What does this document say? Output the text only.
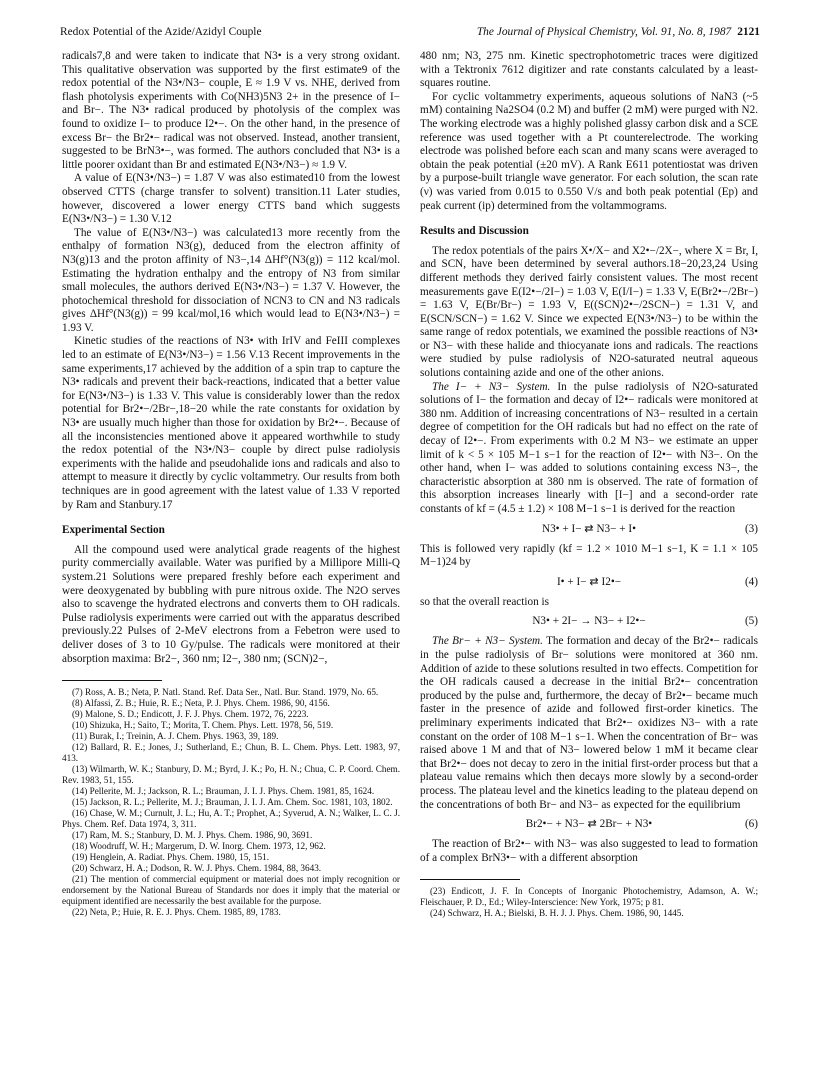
Redox Potential of the Azide/Azidyl Couple	The Journal of Physical Chemistry, Vol. 91, No. 8, 1987 2121

radicals7,8 and were taken to indicate that N3• is a very strong oxidant. This qualitative observation was supported by the first estimate9 of the redox potential of the N3•/N3− couple, E ≈ 1.9 V vs. NHE, derived from flash photolysis experiments with Co(NH3)5N3 2+ in the presence of I− and Br−. The N3• radical produced by photolysis of the complex was found to oxidize I− to produce I2•−. On the other hand, in the presence of excess Br− the Br2•− radical was not observed. Instead, another transient, suggested to be BrN3•−, was formed. The authors concluded that N3• is a little poorer oxidant than Br and estimated E(N3•/N3−) ≈ 1.9 V.

A value of E(N3•/N3−) = 1.87 V was also estimated10 from the lowest observed CTTS (charge transfer to solvent) transition.11 Later studies, however, discovered a lower energy CTTS band which suggests E(N3•/N3−) = 1.30 V.12

The value of E(N3•/N3−) was calculated13 more recently from the enthalpy of formation N3(g), deduced from the electron affinity of N3(g)13 and the proton affinity of N3−,14 ΔHf°(N3(g)) = 112 kcal/mol. Estimating the hydration enthalpy and the entropy of N3 from similar small molecules, the authors derived E(N3•/N3−) = 1.37 V. However, the photochemical threshold for dissociation of NCN3 to CN and N3 radicals gives ΔHf°(N3(g)) = 99 kcal/mol,16 which would lead to E(N3•/N3−) = 1.93 V.

Kinetic studies of the reactions of N3• with IrIV and FeIII complexes led to an estimate of E(N3•/N3−) = 1.56 V.13 Recent improvements in the same experiments,17 achieved by the addition of a spin trap to capture the N3• radicals and prevent their back-reactions, indicated that a better value for E(N3•/N3−) is 1.33 V. This value is considerably lower than the redox potential for Br2•−/2Br−,18−20 while the rate constants for oxidation by N3• are usually much higher than those for oxidation by Br2•−. Because of all the inconsistencies mentioned above it appeared worthwhile to study the redox potential of the N3•/N3− couple by direct pulse radiolysis experiments with the halide and pseudohalide ions and radicals and also to attempt to measure it directly by cyclic voltammetry. Our results from both techniques are in good agreement with the latest value of 1.33 V reported by Ram and Stanbury.17

Experimental Section

All the compound used were analytical grade reagents of the highest purity commercially available. Water was purified by a Millipore Milli-Q system.21 Solutions were prepared freshly before each experiment and were deoxygenated by bubbling with pure nitrous oxide. The N2O serves also to scavenge the hydrated electrons and converts them to OH radicals. Pulse radiolysis experiments were carried out with the apparatus described previously.22 Pulses of 2-MeV electrons from a Febetron were used to deliver doses of 3 to 10 Gy/pulse. The radicals were monitored at their absorption maxima: Br2−, 360 nm; I2−, 380 nm; (SCN)2−,

(7) Ross, A. B.; Neta, P. Natl. Stand. Ref. Data Ser., Natl. Bur. Stand. 1979, No. 65.

(8) Alfassi, Z. B.; Huie, R. E.; Neta, P. J. Phys. Chem. 1986, 90, 4156.

(9) Malone, S. D.; Endicott, J. F. J. Phys. Chem. 1972, 76, 2223.

(10) Shizuka, H.; Saito, T.; Morita, T. Chem. Phys. Lett. 1978, 56, 519.

(11) Burak, I.; Treinin, A. J. Chem. Phys. 1963, 39, 189.

(12) Ballard, R. E.; Jones, J.; Sutherland, E.; Chun, B. L. Chem. Phys. Lett. 1983, 97, 413.

(13) Wilmarth, W. K.; Stanbury, D. M.; Byrd, J. K.; Po, H. N.; Chua, C. P. Coord. Chem. Rev. 1983, 51, 155.

(14) Pellerite, M. J.; Jackson, R. L.; Brauman, J. I. J. Phys. Chem. 1981, 85, 1624.

(15) Jackson, R. L.; Pellerite, M. J.; Brauman, J. I. J. Am. Chem. Soc. 1981, 103, 1802.

(16) Chase, W. M.; Curnult, J. L.; Hu, A. T.; Prophet, A.; Syverud, A. N.; Walker, L. C. J. Phys. Chem. Ref. Data 1974, 3, 311.

(17) Ram, M. S.; Stanbury, D. M. J. Phys. Chem. 1986, 90, 3691.

(18) Woodruff, W. H.; Margerum, D. W. Inorg. Chem. 1973, 12, 962.

(19) Henglein, A. Radiat. Phys. Chem. 1980, 15, 151.

(20) Schwarz, H. A.; Dodson, R. W. J. Phys. Chem. 1984, 88, 3643.

(21) The mention of commercial equipment or material does not imply recognition or endorsement by the National Bureau of Standards nor does it imply that the material or equipment identified are necessarily the best available for the purpose.

(22) Neta, P.; Huie, R. E. J. Phys. Chem. 1985, 89, 1783.

480 nm; N3, 275 nm. Kinetic spectrophotometric traces were digitized with a Tektronix 7612 digitizer and rate constants calculated by a least-squares routine.

For cyclic voltammetry experiments, aqueous solutions of NaN3 (~5 mM) containing Na2SO4 (0.2 M) and buffer (2 mM) were purged with N2. The working electrode was a highly polished glassy carbon disk and a SCE reference was used together with a Pt counterelectrode. The working electrode was polished before each scan and many scans were averaged to obtain the peak potential (±20 mV). A Rank E611 potentiostat was driven by a purpose-built triangle wave generator. For each solution, the scan rate (ν) was varied from 0.015 to 0.550 V/s and both peak potential (Ep) and peak current (ip) determined from the voltammograms.

Results and Discussion

The redox potentials of the pairs X•/X− and X2•−/2X−, where X = Br, I, and SCN, have been determined by several authors.18−20,23,24 Using different methods they derived fairly consistent values. The most recent measurements gave E(I2•−/2I−) = 1.03 V, E(I/I−) = 1.33 V, E(Br2•−/2Br−) = 1.63 V, E(Br/Br−) = 1.93 V, E((SCN)2•−/2SCN−) = 1.31 V, and E(SCN/SCN−) = 1.62 V. Since we expected E(N3•/N3−) to be within the same range of redox potentials, we examined the possible reactions of N3• or N3− with these halide and thiocyanate ions and radicals. The reactions were studied by pulse radiolysis of N2O-saturated neutral aqueous solutions containing azide and one of the other anions.

The I− + N3− System. In the pulse radiolysis of N2O-saturated solutions of I− the formation and decay of I2•− radicals were monitored at 380 nm. Addition of increasing concentrations of N3− resulted in a certain degree of competition for the OH radicals but had no effect on the rate of decay of I2•−. From experiments with 0.2 M N3− we estimate an upper limit of k < 5 × 105 M−1 s−1 for the reaction of I2•− with N3−. On the other hand, when I− was added to solutions containing excess N3−, the characteristic absorption at 380 nm is observed. The rate of formation of this absorption increases linearly with [I−] and a second-order rate constants of kf = (4.5 ± 1.2) × 108 M−1 s−1 is derived for the reaction

N3• + I− ⇄ N3− + I•	(3)

This is followed very rapidly (kf = 1.2 × 1010 M−1 s−1, K = 1.1 × 105 M−1)24 by

I• + I− ⇄ I2•−	(4)

so that the overall reaction is

N3• + 2I− → N3− + I2•−	(5)

The Br− + N3− System. The formation and decay of the Br2•− radicals in the pulse radiolysis of Br− solutions were monitored at 360 nm. Addition of azide to these solutions resulted in two effects. Competition for the OH radicals caused a decrease in the initial Br2•− concentration produced by the pulse and, furthermore, the decay of Br2•− became much faster in the presence of azide and followed first-order kinetics. The preliminary experiments indicated that Br2•− oxidizes N3− with a rate constant on the order of 108 M−1 s−1. When the concentration of Br− was raised above 1 M and that of N3− lowered below 1 mM it became clear that Br2•− does not decay to zero in the initial first-order process but that a plateau value remains which then decays more slowly by a second-order process. The plateau level and the kinetics leading to the plateau depend on the concentrations of both Br− and N3− as expected for the equilibrium

Br2•− + N3− ⇄ 2Br− + N3•	(6)

The reaction of Br2•− with N3− was also suggested to lead to formation of a complex BrN3•− with a different absorption

(23) Endicott, J. F. In Concepts of Inorganic Photochemistry, Adamson, A. W.; Fleischauer, P. D., Ed.; Wiley-Interscience: New York, 1975; p 81.

(24) Schwarz, H. A.; Bielski, B. H. J. J. Phys. Chem. 1986, 90, 1445.
